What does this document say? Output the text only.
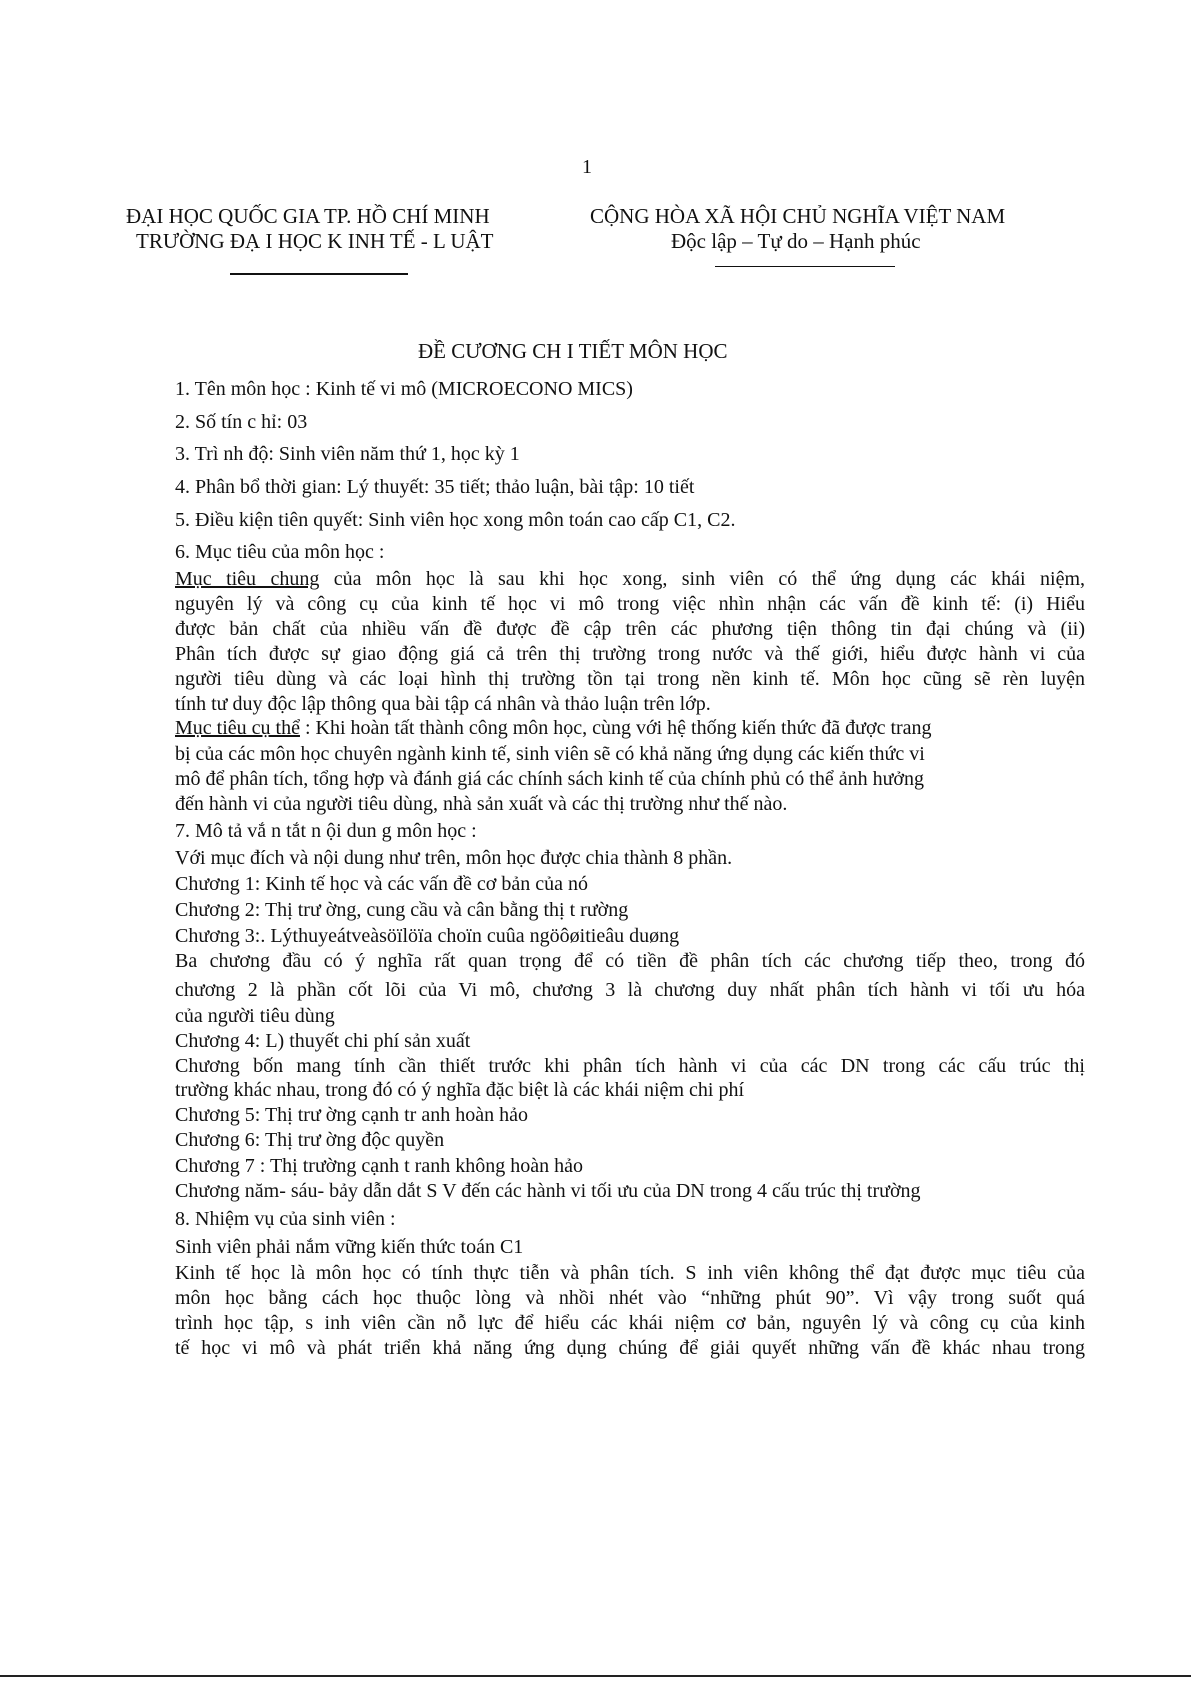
1
ĐẠI HỌC QUỐC GIA TP. HỒ CHÍ MINH
TRƯỜNG ĐẠ I HỌC K INH TẾ - L UẬT
CỘNG HÒA XÃ HỘI CHỦ NGHĨA VIỆT NAM
Độc lập – Tự do – Hạnh phúc
ĐỀ CƯƠNG CH I TIẾT MÔN HỌC
1. Tên môn học : Kinh tế vi mô (MICROECONO MICS)
2. Số tín c hỉ: 03
3. Trì nh độ: Sinh viên năm thứ 1, học kỳ 1
4. Phân bổ thời gian: Lý thuyết: 35 tiết; thảo luận, bài tập: 10 tiết
5. Điều kiện tiên quyết: Sinh viên học xong môn toán cao cấp C1, C2.
6. Mục tiêu của môn học :
Mục tiêu chung của môn học là sau khi học xong, sinh viên có thể ứng dụng các khái niệm,
nguyên lý và công cụ của kinh tế học vi mô trong việc nhìn nhận các vấn đề kinh tế: (i) Hiểu
được bản chất của nhiều vấn đề được đề cập trên các phương tiện thông tin đại chúng và (ii)
Phân tích được sự giao động giá cả trên thị trường trong nước và thế giới, hiểu được hành vi của
người tiêu dùng và các loại hình thị trường tồn tại trong nền kinh tế. Môn học cũng sẽ rèn luyện
tính tư duy độc lập thông qua bài tập cá nhân và thảo luận trên lớp.
Mục tiêu cụ thể : Khi hoàn tất thành công môn học, cùng với hệ thống kiến thức đã được trang
bị của các môn học chuyên ngành kinh tế, sinh viên sẽ có khả năng ứng dụng các kiến thức vi
mô để phân tích, tổng hợp và đánh giá các chính sách kinh tế của chính phủ có thể ảnh hưởng
đến hành vi của người tiêu dùng, nhà sản xuất và các thị trường như thế nào.
7. Mô tả vắ n tắt n ội dun g môn học :
Với mục đích và nội dung như trên, môn học được chia thành 8 phần.
Chương 1: Kinh tế học và các vấn đề cơ bản của nó
Chương 2: Thị trư ờng, cung cầu và cân bằng thị t rường
Chương 3:. Lýthuyeátveàsöïlöïa choïn cuûa ngöôøitieâu duøng
Ba chương đầu có ý nghĩa rất quan trọng để có tiền đề phân tích các chương tiếp theo, trong đó
chương 2 là phần cốt lõi của Vi mô, chương 3 là chương duy nhất phân tích hành vi tối ưu hóa
của người tiêu dùng
Chương 4: L) thuyết chi phí sản xuất
Chương bốn mang tính cần thiết trước khi phân tích hành vi của các DN trong các cấu trúc thị
trường khác nhau, trong đó có ý nghĩa đặc biệt là các khái niệm chi phí
Chương 5: Thị trư ờng cạnh tr anh hoàn hảo
Chương 6: Thị trư ờng độc quyền
Chương 7 : Thị trường cạnh t ranh không hoàn hảo
Chương năm- sáu- bảy dẫn dắt S V đến các hành vi tối ưu của DN trong 4 cấu trúc thị trường
8. Nhiệm vụ của sinh viên :
Sinh viên phải nắm vững kiến thức toán C1
Kinh tế học là môn học có tính thực tiễn và phân tích. S inh viên không thể đạt được mục tiêu của
môn học bằng cách học thuộc lòng và nhồi nhét vào “những phút 90”. Vì vậy trong suốt quá
trình học tập, s inh viên cần nỗ lực để hiểu các khái niệm cơ bản, nguyên lý và công cụ của kinh
tế học vi mô và phát triển khả năng ứng dụng chúng để giải quyết những vấn đề khác nhau trong
